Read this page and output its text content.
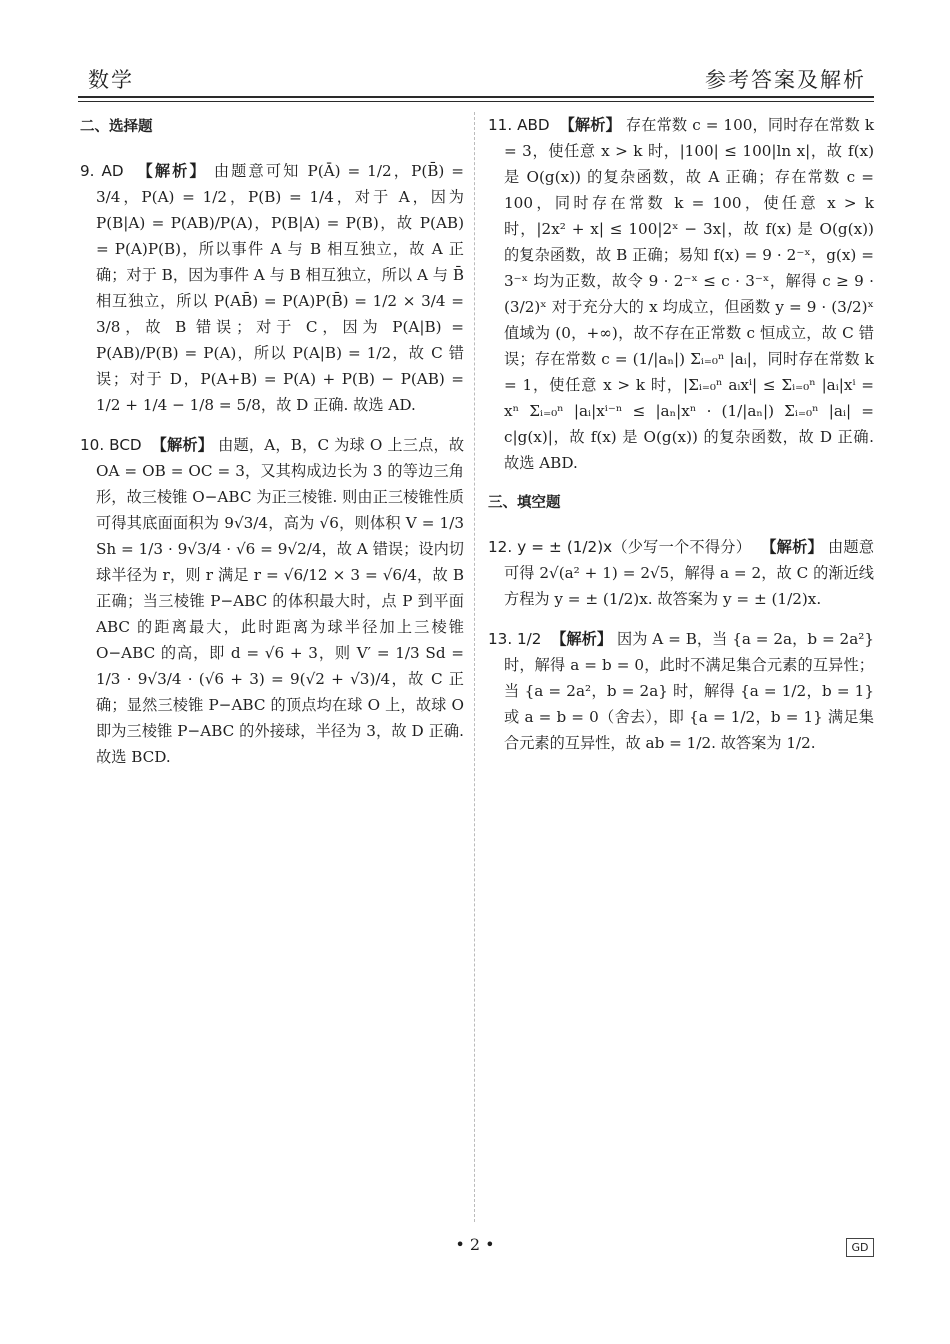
数学	参考答案及解析
二、选择题

9. AD 【解析】 由题意可知 P(Ā) = 1/2，P(B̄) = 3/4，P(A) = 1/2，P(B) = 1/4，对于 A，因为 P(B|A) = P(AB)/P(A)，P(B|A) = P(B)，故 P(AB) = P(A)P(B)，所以事件 A 与 B 相互独立，故 A 正确；对于 B，因为事件 A 与 B 相互独立，所以 A 与 B̄ 相互独立，所以 P(AB̄) = P(A)P(B̄) = 1/2 × 3/4 = 3/8，故 B 错误；对于 C，因为 P(A|B) = P(AB)/P(B) = P(A)，所以 P(A|B) = 1/2，故 C 错误；对于 D，P(A+B) = P(A) + P(B) − P(AB) = 1/2 + 1/4 − 1/8 = 5/8，故 D 正确. 故选 AD.

10. BCD 【解析】 由题，A，B，C 为球 O 上三点，故 OA = OB = OC = 3，又其构成边长为 3 的等边三角形，故三棱锥 O−ABC 为正三棱锥. 则由正三棱锥性质可得其底面面积为 9√3/4，高为 √6，则体积 V = 1/3 Sh = 1/3 · 9√3/4 · √6 = 9√2/4，故 A 错误；设内切球半径为 r，则 r 满足 r = √6/12 × 3 = √6/4，故 B 正确；当三棱锥 P−ABC 的体积最大时，点 P 到平面 ABC 的距离最大，此时距离为球半径加上三棱锥 O−ABC 的高，即 d = √6 + 3，则 V′ = 1/3 Sd = 1/3 · 9√3/4 · (√6 + 3) = 9(√2 + √3)/4，故 C 正确；显然三棱锥 P−ABC 的顶点均在球 O 上，故球 O 即为三棱锥 P−ABC 的外接球，半径为 3，故 D 正确. 故选 BCD.

11. ABD 【解析】 存在常数 c = 100，同时存在常数 k = 3，使任意 x > k 时，|100| ≤ 100|ln x|，故 f(x) 是 O(g(x)) 的复杂函数，故 A 正确；存在常数 c = 100，同时存在常数 k = 100，使任意 x > k 时，|2x² + x| ≤ 100|2ˣ − 3x|，故 f(x) 是 O(g(x)) 的复杂函数，故 B 正确；易知 f(x) = 9 · 2⁻ˣ，g(x) = 3⁻ˣ 均为正数，故令 9 · 2⁻ˣ ≤ c · 3⁻ˣ，解得 c ≥ 9 · (3/2)ˣ 对于充分大的 x 均成立，但函数 y = 9 · (3/2)ˣ 值域为 (0，+∞)，故不存在正常数 c 恒成立，故 C 错误；存在常数 c = (1/|aₙ|) Σᵢ₌₀ⁿ |aᵢ|，同时存在常数 k = 1，使任意 x > k 时，|Σᵢ₌₀ⁿ aᵢxⁱ| ≤ Σᵢ₌₀ⁿ |aᵢ|xⁱ = xⁿ Σᵢ₌₀ⁿ |aᵢ|xⁱ⁻ⁿ ≤ |aₙ|xⁿ · (1/|aₙ|) Σᵢ₌₀ⁿ |aᵢ| = c|g(x)|，故 f(x) 是 O(g(x)) 的复杂函数，故 D 正确. 故选 ABD.

三、填空题

12. y = ± (1/2)x（少写一个不得分） 【解析】 由题意可得 2√(a² + 1) = 2√5，解得 a = 2，故 C 的渐近线方程为 y = ± (1/2)x. 故答案为 y = ± (1/2)x.

13. 1/2 【解析】 因为 A = B，当 {a = 2a，b = 2a²} 时，解得 a = b = 0，此时不满足集合元素的互异性；当 {a = 2a²，b = 2a} 时，解得 {a = 1/2，b = 1} 或 a = b = 0（舍去），即 {a = 1/2，b = 1} 满足集合元素的互异性，故 ab = 1/2. 故答案为 1/2.

• 2 •	GD
